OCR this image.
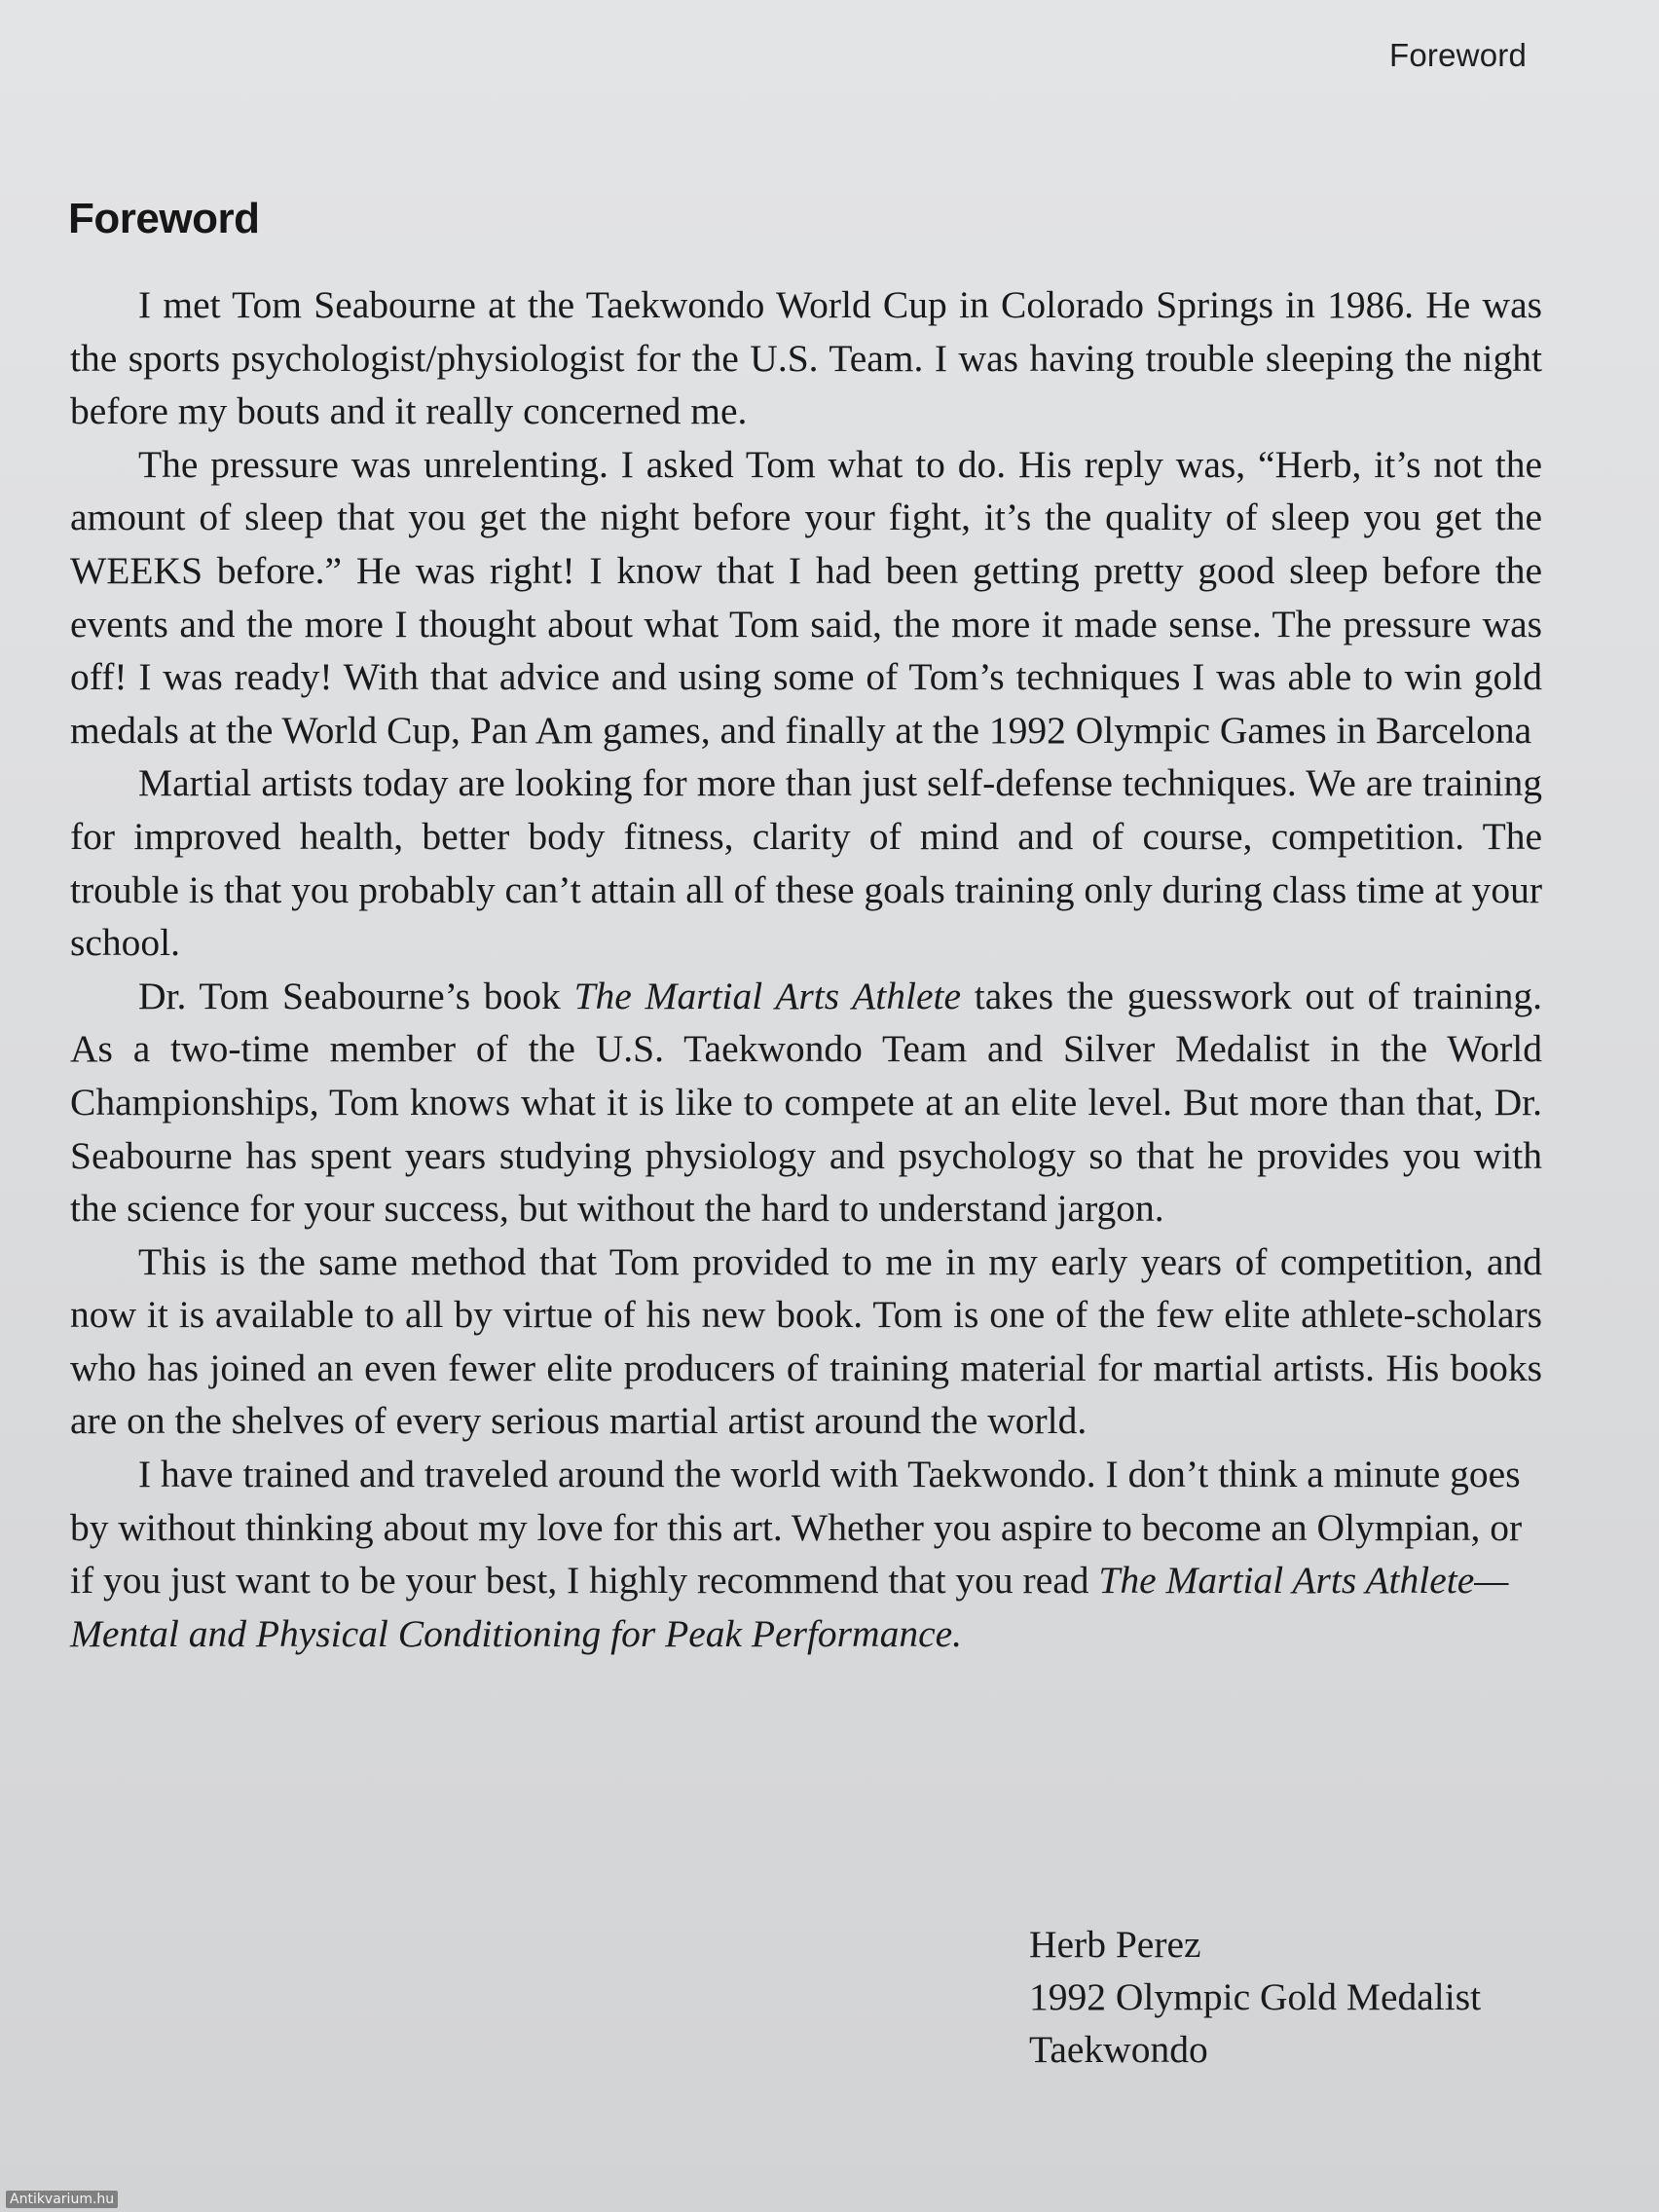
Foreword
Foreword

I met Tom Seabourne at the Taekwondo World Cup in Colorado Springs in 1986. He was the sports psychologist/physiologist for the U.S. Team. I was having trouble sleeping the night before my bouts and it really concerned me.

The pressure was unrelenting. I asked Tom what to do. His reply was, “Herb, it’s not the amount of sleep that you get the night before your fight, it’s the quality of sleep you get the WEEKS before.” He was right! I know that I had been getting pretty good sleep before the events and the more I thought about what Tom said, the more it made sense. The pressure was off! I was ready! With that advice and using some of Tom’s techniques I was able to win gold medals at the World Cup, Pan Am games, and finally at the 1992 Olympic Games in Barcelona

Martial artists today are looking for more than just self-defense techniques. We are training for improved health, better body fitness, clarity of mind and of course, competition. The trouble is that you probably can’t attain all of these goals training only during class time at your school.

Dr. Tom Seabourne’s book The Martial Arts Athlete takes the guesswork out of training. As a two-time member of the U.S. Taekwondo Team and Silver Medalist in the World Championships, Tom knows what it is like to compete at an elite level. But more than that, Dr. Seabourne has spent years studying physiology and psychology so that he provides you with the science for your success, but without the hard to understand jargon.

This is the same method that Tom provided to me in my early years of competition, and now it is available to all by virtue of his new book. Tom is one of the few elite athlete-scholars who has joined an even fewer elite producers of training material for martial artists. His books are on the shelves of every serious martial artist around the world.

I have trained and traveled around the world with Taekwondo. I don’t think a minute goes by without thinking about my love for this art. Whether you aspire to become an Olympian, or if you just want to be your best, I highly recommend that you read The Martial Arts Athlete—Mental and Physical Conditioning for Peak Performance.

Herb Perez
1992 Olympic Gold Medalist
Taekwondo
Antikvarium.hu
